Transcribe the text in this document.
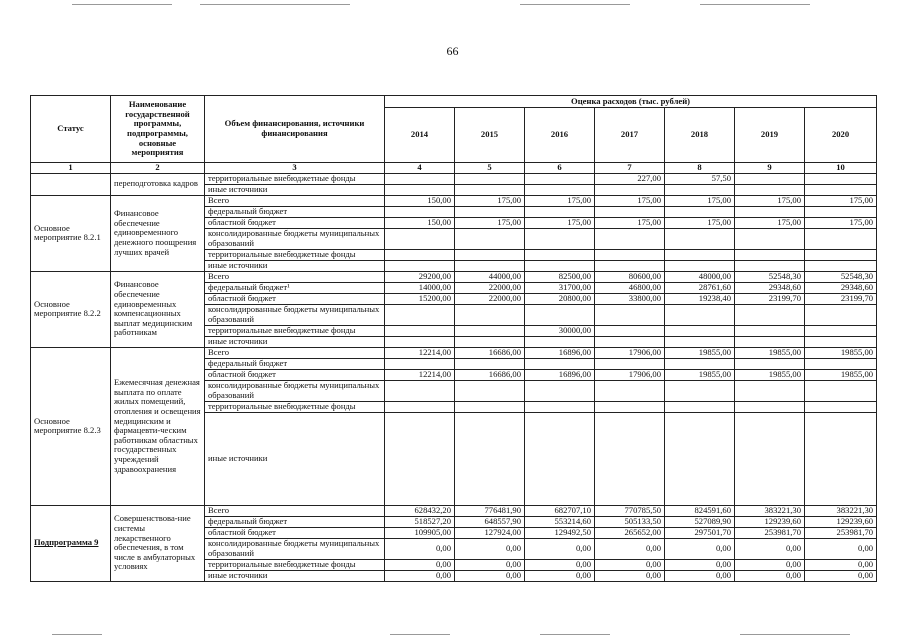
66
Статус	Наименование государственной программы, подпрограммы, основные мероприятия	Объем финансирования, источники финансирования	Оценка расходов (тыс. рублей)						
			2014	2015	2016	2017	2018	2019	2020
1	2	3	4	5	6	7	8	9	10
	переподготовка кадров	территориальные внебюджетные фонды				227,00	57,50		
		иные источники							
Основное мероприятие 8.2.1	Финансовое обеспечение единовременного денежного поощрения лучших врачей	Всего	150,00	175,00	175,00	175,00	175,00	175,00	175,00
		федеральный бюджет							
		областной бюджет	150,00	175,00	175,00	175,00	175,00	175,00	175,00
		консолидированные бюджеты муниципальных образований							
		территориальные внебюджетные фонды							
		иные источники							
Основное мероприятие 8.2.2	Финансовое обеспечение единовременных компенсационных выплат медицинским работникам	Всего	29200,00	44000,00	82500,00	80600,00	48000,00	52548,30	52548,30
		федеральный бюджет¹	14000,00	22000,00	31700,00	46800,00	28761,60	29348,60	29348,60
		областной бюджет	15200,00	22000,00	20800,00	33800,00	19238,40	23199,70	23199,70
		консолидированные бюджеты муниципальных образований							
		территориальные внебюджетные фонды			30000,00				
		иные источники							
Основное мероприятие 8.2.3	Ежемесячная денежная выплата по оплате жилых помещений, отопления и освещения медицинским и фармацевти-ческим работникам областных государственных учреждений здравоохранения	Всего	12214,00	16686,00	16896,00	17906,00	19855,00	19855,00	19855,00
		федеральный бюджет							
		областной бюджет	12214,00	16686,00	16896,00	17906,00	19855,00	19855,00	19855,00
		консолидированные бюджеты муниципальных образований							
		территориальные внебюджетные фонды							
		иные источники							
Подпрограмма 9	Совершенствова-ние системы лекарственного обеспечения, в том числе в амбулаторных условиях	Всего	628432,20	776481,90	682707,10	770785,50	824591,60	383221,30	383221,30
		федеральный бюджет	518527,20	648557,90	553214,60	505133,50	527089,90	129239,60	129239,60
		областной бюджет	109905,00	127924,00	129492,50	265652,00	297501,70	253981,70	253981,70
		консолидированные бюджеты муниципальных образований	0,00	0,00	0,00	0,00	0,00	0,00	0,00
		территориальные внебюджетные фонды	0,00	0,00	0,00	0,00	0,00	0,00	0,00
		иные источники	0,00	0,00	0,00	0,00	0,00	0,00	0,00
